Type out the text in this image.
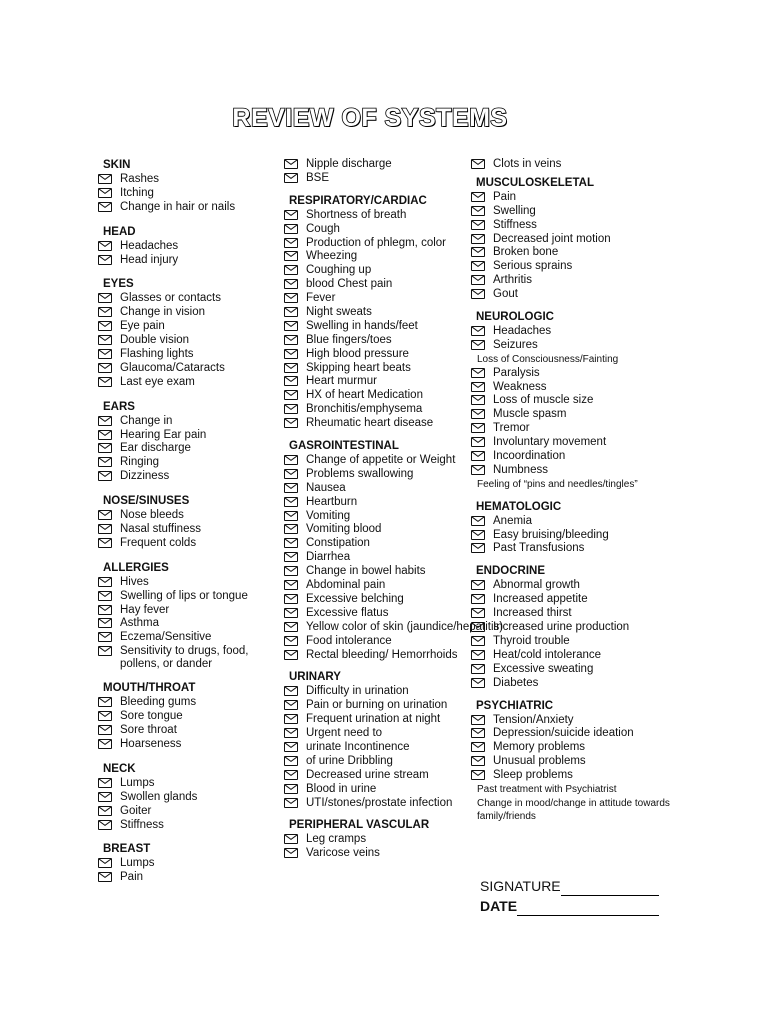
REVIEW OF SYSTEMS
SKIN
Rashes
Itching
Change in hair or nails
HEAD
Headaches
Head injury
EYES
Glasses or contacts
Change in vision
Eye pain
Double vision
Flashing lights
Glaucoma/Cataracts
Last eye exam
EARS
Change in
Hearing Ear pain
Ear discharge
Ringing
Dizziness
NOSE/SINUSES
Nose bleeds
Nasal stuffiness
Frequent colds
ALLERGIES
Hives
Swelling of lips or tongue
Hay fever
Asthma
Eczema/Sensitive
Sensitivity to drugs, food, pollens, or dander
MOUTH/THROAT
Bleeding gums
Sore tongue
Sore throat
Hoarseness
NECK
Lumps
Swollen glands
Goiter
Stiffness
BREAST
Lumps
Pain
Nipple discharge
BSE
RESPIRATORY/CARDIAC
Shortness of breath
Cough
Production of phlegm, color
Wheezing
Coughing up
blood Chest pain
Fever
Night sweats
Swelling in hands/feet
Blue fingers/toes
High blood pressure
Skipping heart beats
Heart murmur
HX of heart Medication
Bronchitis/emphysema
Rheumatic heart disease
GASROINTESTINAL
Change of appetite or Weight
Problems swallowing
Nausea
Heartburn
Vomiting
Vomiting blood
Constipation
Diarrhea
Change in bowel habits
Abdominal pain
Excessive belching
Excessive flatus
Yellow color of skin (jaundice/hepatitis)
Food intolerance
Rectal bleeding/ Hemorrhoids
URINARY
Difficulty in urination
Pain or burning on urination
Frequent urination at night
Urgent need to
urinate Incontinence
of urine Dribbling
Decreased urine stream
Blood in urine
UTI/stones/prostate infection
PERIPHERAL VASCULAR
Leg cramps
Varicose veins
Clots in veins
MUSCULOSKELETAL
Pain
Swelling
Stiffness
Decreased joint motion
Broken bone
Serious sprains
Arthritis
Gout
NEUROLOGIC
Headaches
Seizures
Loss of Consciousness/Fainting
Paralysis
Weakness
Loss of muscle size
Muscle spasm
Tremor
Involuntary movement
Incoordination
Numbness
Feeling of “pins and needles/tingles”
HEMATOLOGIC
Anemia
Easy bruising/bleeding
Past Transfusions
ENDOCRINE
Abnormal growth
Increased appetite
Increased thirst
Increased urine production
Thyroid trouble
Heat/cold intolerance
Excessive sweating
Diabetes
PSYCHIATRIC
Tension/Anxiety
Depression/suicide ideation
Memory problems
Unusual problems
Sleep problems
Past treatment with Psychiatrist
Change in mood/change in attitude towards family/friends
SIGNATURE
DATE
